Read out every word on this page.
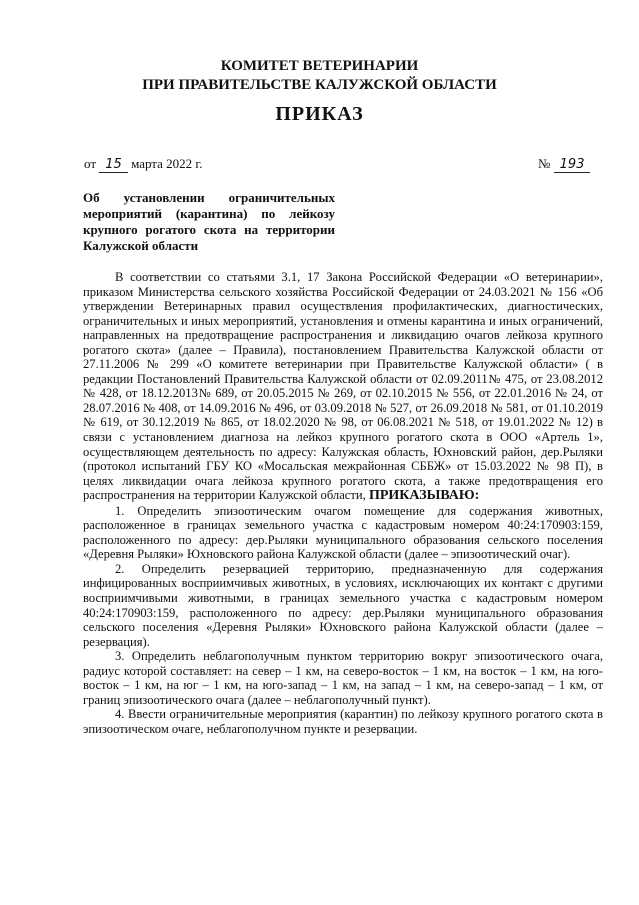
КОМИТЕТ ВЕТЕРИНАРИИ
ПРИ ПРАВИТЕЛЬСТВЕ КАЛУЖСКОЙ ОБЛАСТИ
ПРИКАЗ
от 15 марта 2022 г.	№ 193
Об установлении ограничительных мероприятий (карантина) по лейкозу крупного рогатого скота на территории Калужской области

В соответствии со статьями 3.1, 17 Закона Российской Федерации «О ветеринарии», приказом Министерства сельского хозяйства Российской Федерации от 24.03.2021 № 156 «Об утверждении Ветеринарных правил осуществления профилактических, диагностических, ограничительных и иных мероприятий, установления и отмены карантина и иных ограничений, направленных на предотвращение распространения и ликвидацию очагов лейкоза крупного рогатого скота» (далее – Правила), постановлением Правительства Калужской области от 27.11.2006 № 299 «О комитете ветеринарии при Правительстве Калужской области» ( в редакции Постановлений Правительства Калужской области от 02.09.2011№ 475, от 23.08.2012 № 428, от 18.12.2013№ 689, от 20.05.2015 № 269, от 02.10.2015 № 556, от 22.01.2016 № 24, от 28.07.2016 № 408, от 14.09.2016 № 496, от 03.09.2018 № 527, от 26.09.2018 № 581, от 01.10.2019 № 619, от 30.12.2019 № 865, от 18.02.2020 № 98, от 06.08.2021 № 518, от 19.01.2022 № 12) в связи с установлением диагноза на лейкоз крупного рогатого скота в ООО «Артель 1», осуществляющем деятельность по адресу: Калужская область, Юхновский район, дер.Рыляки (протокол испытаний ГБУ КО «Мосальская межрайонная СББЖ» от 15.03.2022 № 98 П), в целях ликвидации очага лейкоза крупного рогатого скота, а также предотвращения его распространения на территории Калужской области, ПРИКАЗЫВАЮ:

1. Определить эпизоотическим очагом помещение для содержания животных, расположенное в границах земельного участка с кадастровым номером 40:24:170903:159, расположенного по адресу: дер.Рыляки муниципального образования сельского поселения «Деревня Рыляки» Юхновского района Калужской области (далее – эпизоотический очаг).

2. Определить резервацией территорию, предназначенную для содержания инфицированных восприимчивых животных, в условиях, исключающих их контакт с другими восприимчивыми животными, в границах земельного участка с кадастровым номером 40:24:170903:159, расположенного по адресу: дер.Рыляки муниципального образования сельского поселения «Деревня Рыляки» Юхновского района Калужской области (далее – резервация).

3. Определить неблагополучным пунктом территорию вокруг эпизоотического очага, радиус которой составляет: на север – 1 км, на северо-восток – 1 км, на восток – 1 км, на юго-восток – 1 км, на юг – 1 км, на юго-запад – 1 км, на запад – 1 км, на северо-запад – 1 км, от границ эпизоотического очага (далее – неблагополучный пункт).

4. Ввести ограничительные мероприятия (карантин) по лейкозу крупного рогатого скота в эпизоотическом очаге, неблагополучном пункте и резервации.
